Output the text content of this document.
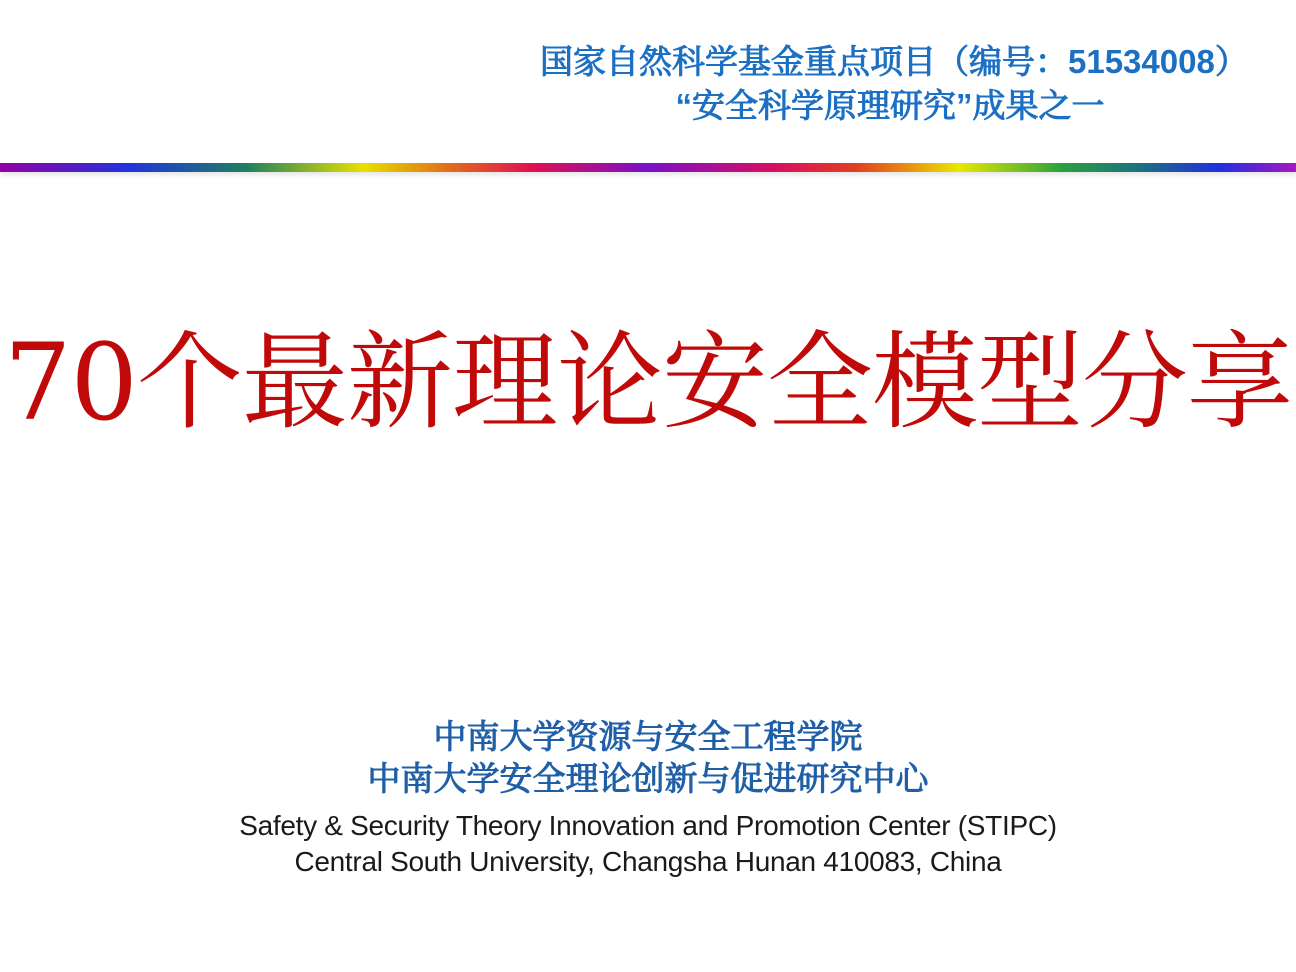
国家自然科学基金重点项目（编号：51534008）
“安全科学原理研究”成果之一
70个最新理论安全模型分享
中南大学资源与安全工程学院
中南大学安全理论创新与促进研究中心
Safety & Security Theory Innovation and Promotion Center (STIPC)
Central South University, Changsha Hunan 410083, China
